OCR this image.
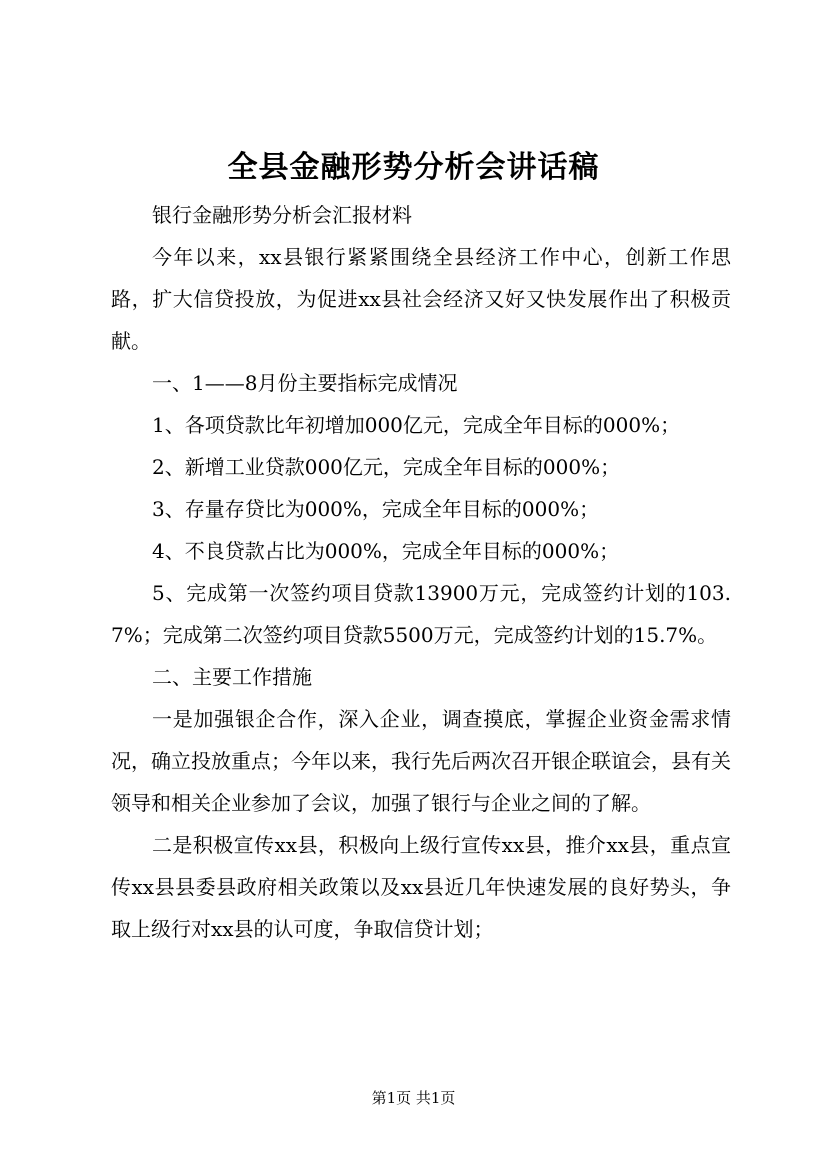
全县金融形势分析会讲话稿

银行金融形势分析会汇报材料

今年以来，xx县银行紧紧围绕全县经济工作中心，创新工作思路，扩大信贷投放，为促进xx县社会经济又好又快发展作出了积极贡献。

一、1——8月份主要指标完成情况

1、各项贷款比年初增加000亿元，完成全年目标的000%；

2、新增工业贷款000亿元，完成全年目标的000%；

3、存量存贷比为000%，完成全年目标的000%；

4、不良贷款占比为000%，完成全年目标的000%；

5、完成第一次签约项目贷款13900万元，完成签约计划的103.7%；完成第二次签约项目贷款5500万元，完成签约计划的15.7%。

二、主要工作措施

一是加强银企合作，深入企业，调查摸底，掌握企业资金需求情况，确立投放重点；今年以来，我行先后两次召开银企联谊会，县有关领导和相关企业参加了会议，加强了银行与企业之间的了解。

二是积极宣传xx县，积极向上级行宣传xx县，推介xx县，重点宣传xx县县委县政府相关政策以及xx县近几年快速发展的良好势头，争取上级行对xx县的认可度，争取信贷计划；

第1页 共1页
